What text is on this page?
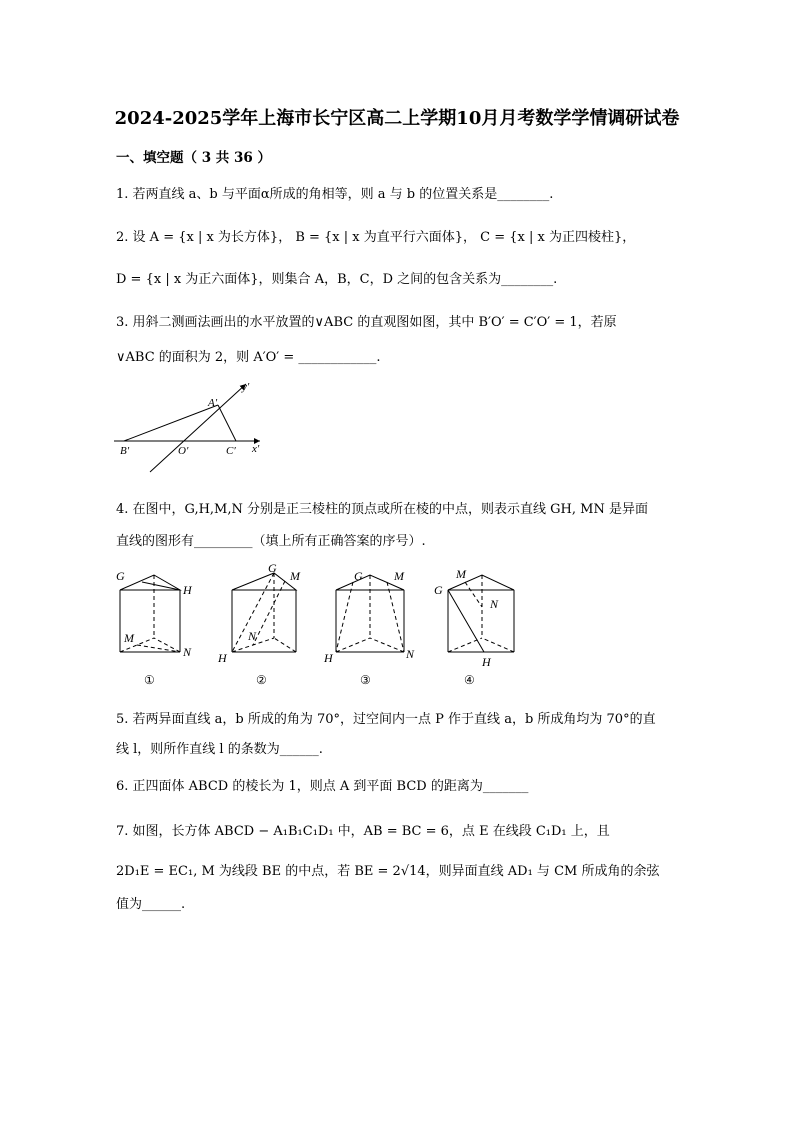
2024-2025学年上海市长宁区高二上学期10月月考数学学情调研试卷
一、填空题（ 3 共 36 ）
1. 若两直线 a、b 与平面α所成的角相等，则 a 与 b 的位置关系是________.
2. 设 A = {x | x 为长方体}， B = {x | x 为直平行六面体}， C = {x | x 为正四棱柱}，
D = {x | x 为正六面体}，则集合 A，B，C，D 之间的包含关系为________.
3. 用斜二测画法画出的水平放置的∨ABC 的直观图如图，其中 B′O′ = C′O′ = 1，若原
∨ABC 的面积为 2，则 A′O′ = ____________.
y′
A′
B′	O′	C′ x′
4. 在图中，G,H,M,N 分别是正三棱柱的顶点或所在棱的中点，则表示直线 GH, MN 是异面
直线的图形有_________（填上所有正确答案的序号）.
G
H
M
N
G
M
N
H
G	M
H	N
M
G
N
H
①	②	③	④
5. 若两异面直线 a，b 所成的角为 70°，过空间内一点 P 作于直线 a，b 所成角均为 70°的直
线 l，则所作直线 l 的条数为______.
6. 正四面体 ABCD 的棱长为 1，则点 A 到平面 BCD 的距离为_______
7. 如图，长方体 ABCD − A₁B₁C₁D₁ 中，AB = BC = 6，点 E 在线段 C₁D₁ 上，且
2D₁E = EC₁, M 为线段 BE 的中点，若 BE = 2√14，则异面直线 AD₁ 与 CM 所成角的余弦
值为______.
